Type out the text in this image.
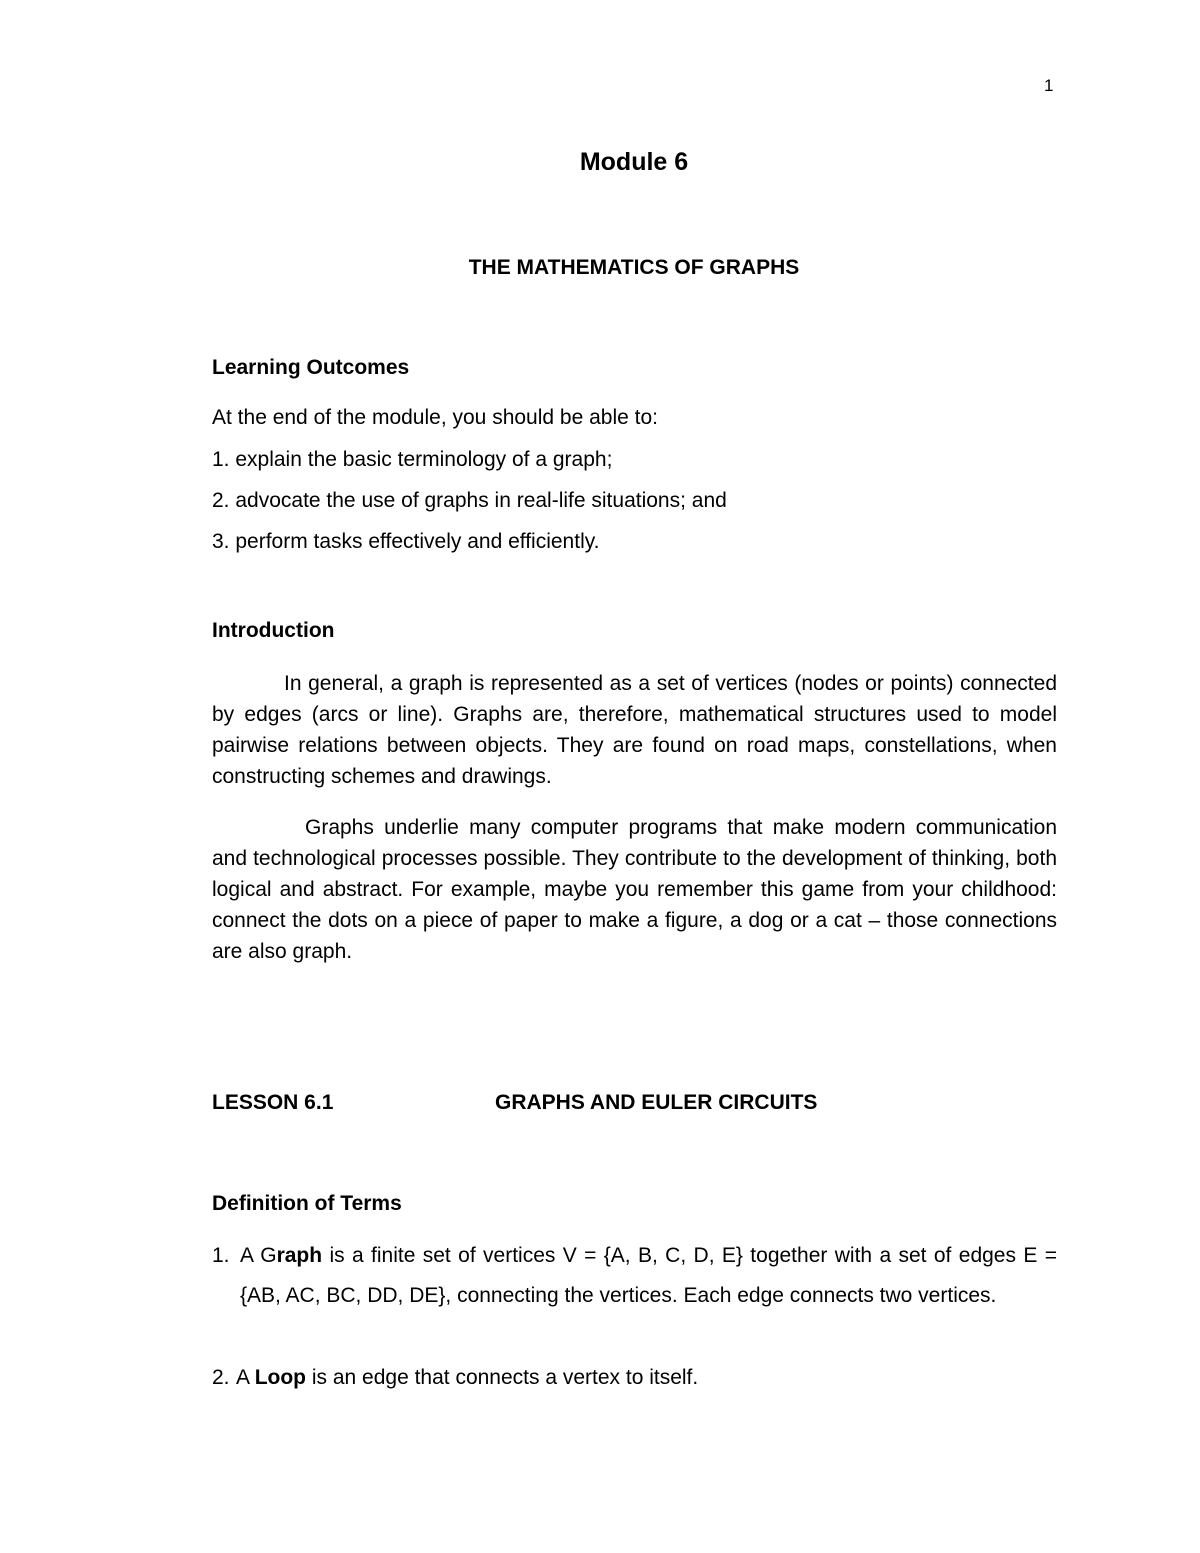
1
Module 6
THE MATHEMATICS OF GRAPHS
Learning Outcomes
At the end of the module, you should be able to:
1. explain the basic terminology of a graph;
2. advocate the use of graphs in real-life situations; and
3. perform tasks effectively and efficiently.
Introduction
In general, a graph is represented as a set of vertices (nodes or points) connected by edges (arcs or line). Graphs are, therefore, mathematical structures used to model pairwise relations between objects. They are found on road maps, constellations, when constructing schemes and drawings.
Graphs underlie many computer programs that make modern communication and technological processes possible. They contribute to the development of thinking, both logical and abstract. For example, maybe you remember this game from your childhood: connect the dots on a piece of paper to make a figure, a dog or a cat – those connections are also graph.
LESSON 6.1	GRAPHS AND EULER CIRCUITS
Definition of Terms
1. A Graph is a finite set of vertices V = {A, B, C, D, E} together with a set of edges E = {AB, AC, BC, DD, DE}, connecting the vertices. Each edge connects two vertices.
2. A Loop is an edge that connects a vertex to itself.
